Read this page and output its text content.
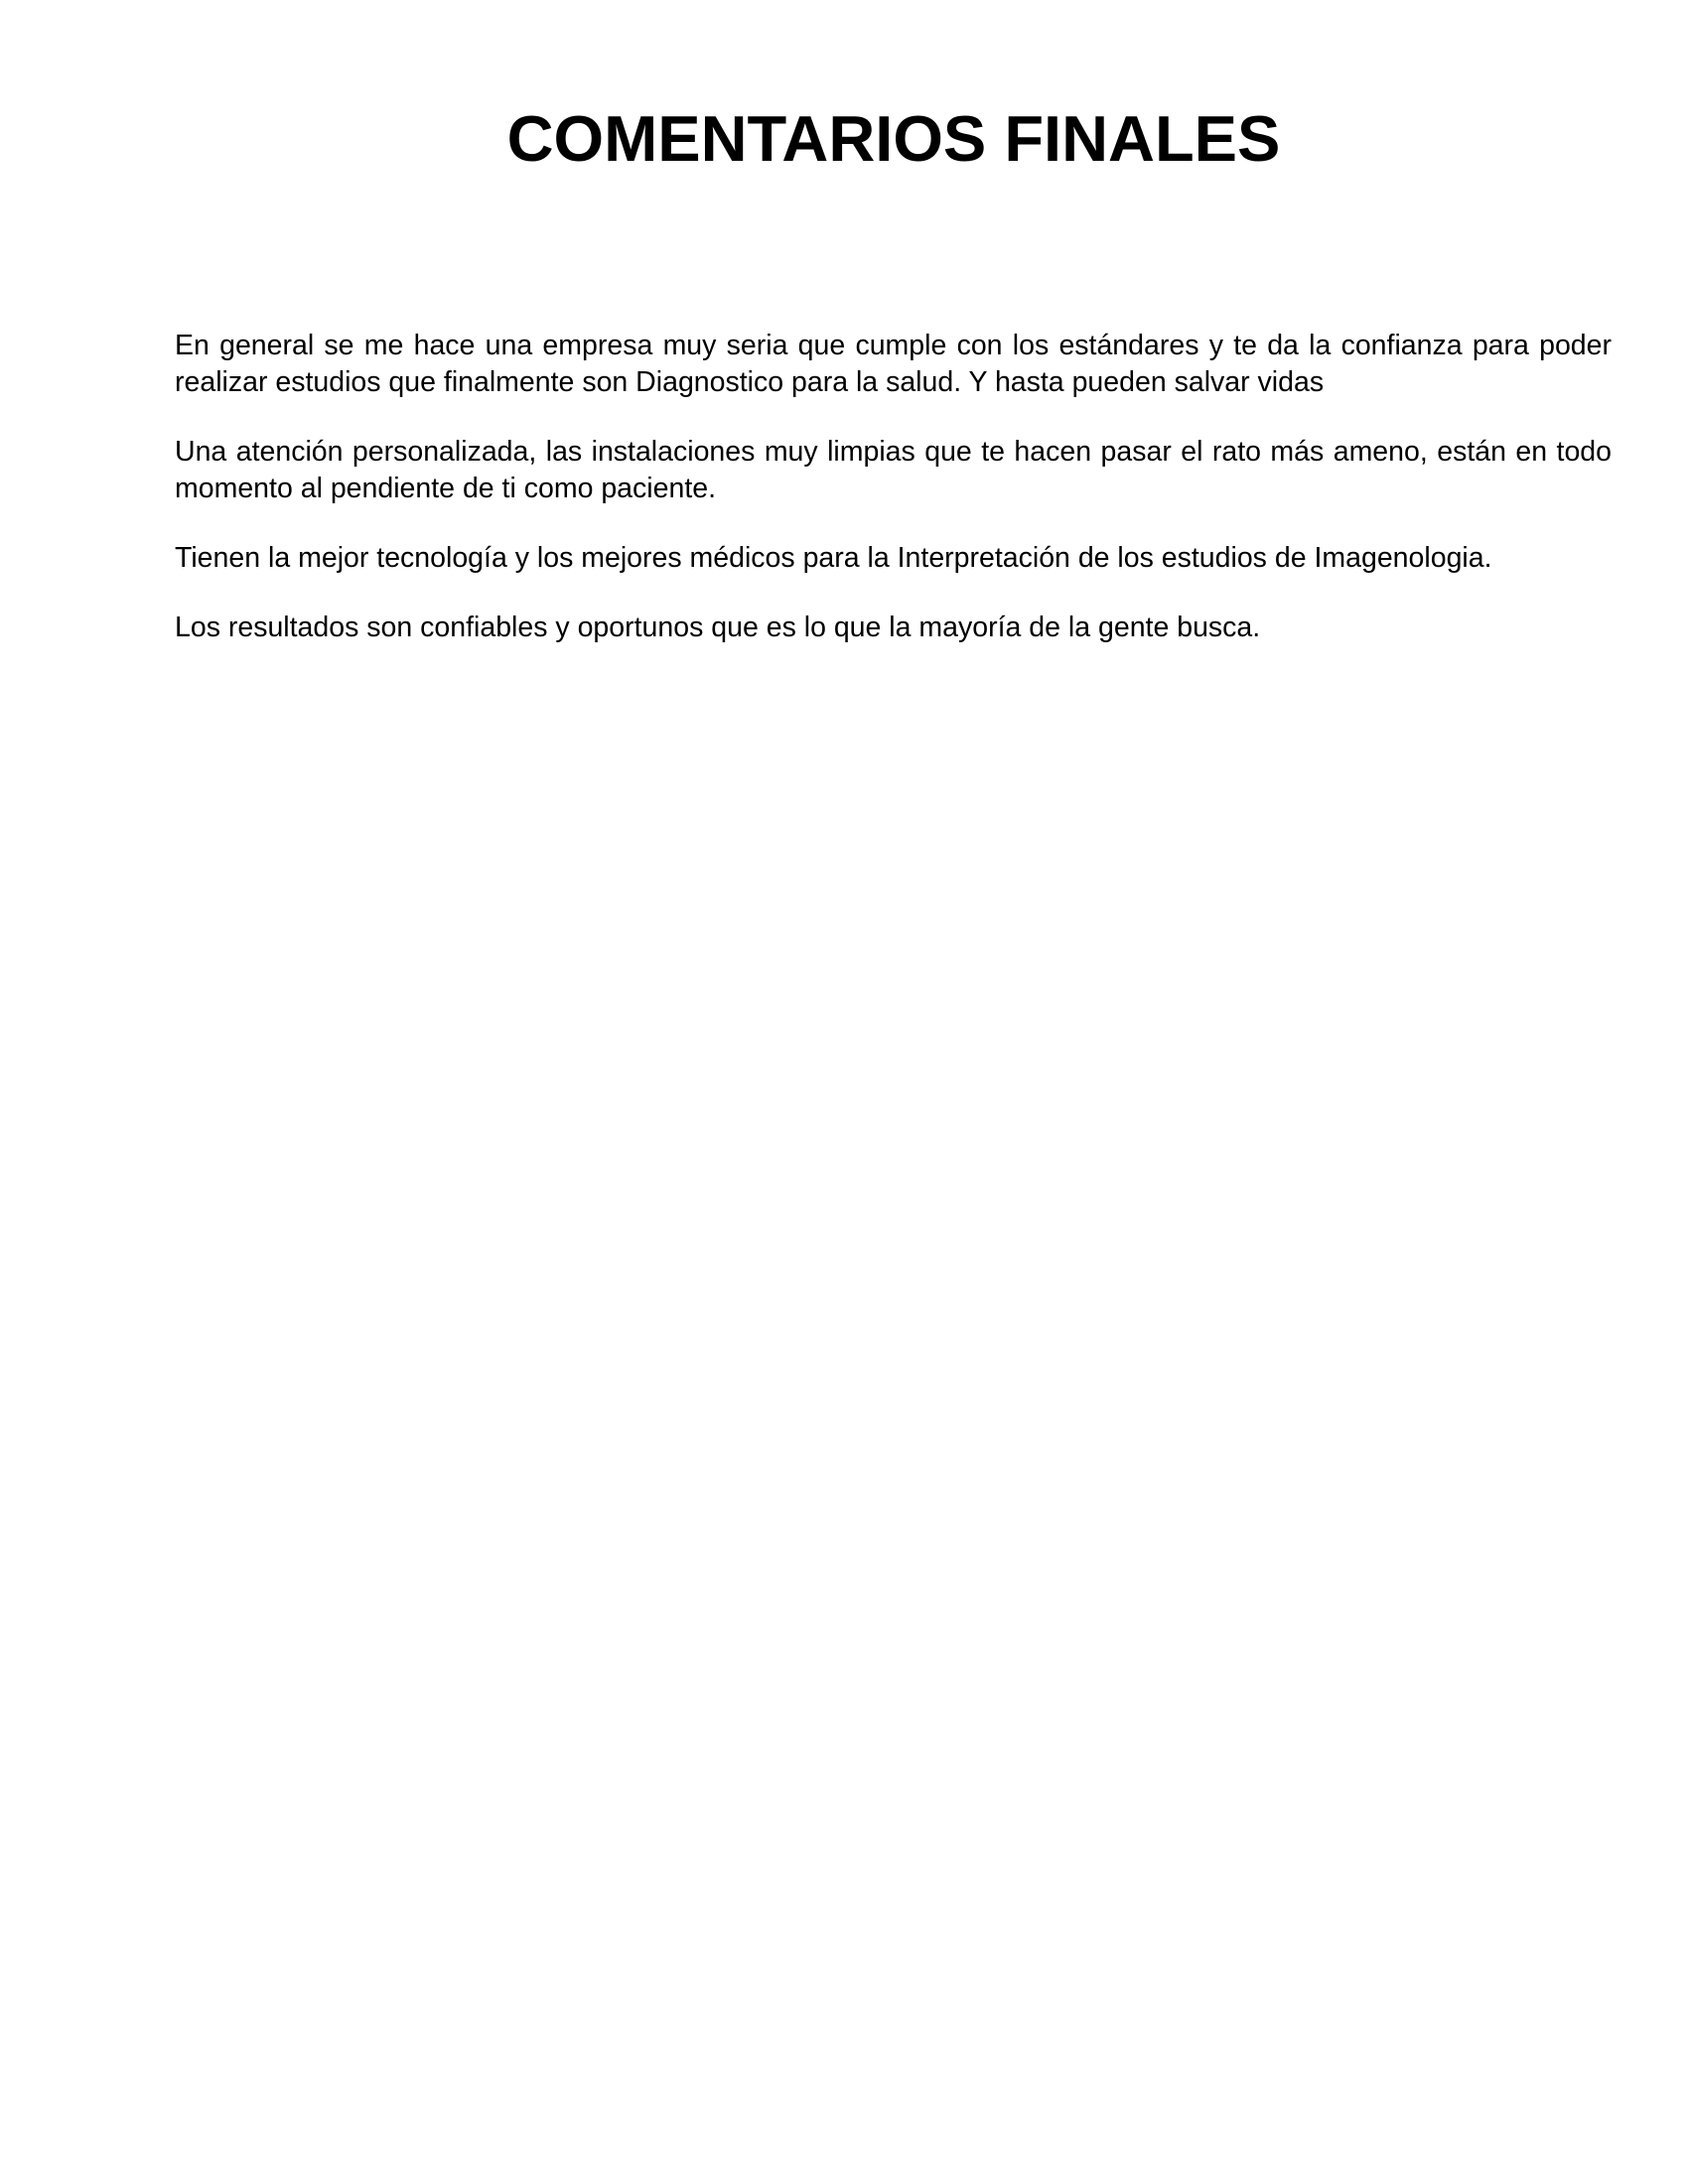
COMENTARIOS FINALES

En general se me hace una empresa muy seria que cumple con los estándares y te da la confianza para poder realizar estudios que finalmente son Diagnostico para la salud. Y hasta pueden salvar vidas

Una atención personalizada, las instalaciones muy limpias que te hacen pasar el rato más ameno, están en todo momento al pendiente de ti como paciente.

Tienen la mejor tecnología y los mejores médicos para la Interpretación de los estudios de Imagenologia.

Los resultados son confiables y oportunos que es lo que la mayoría de la gente busca.
